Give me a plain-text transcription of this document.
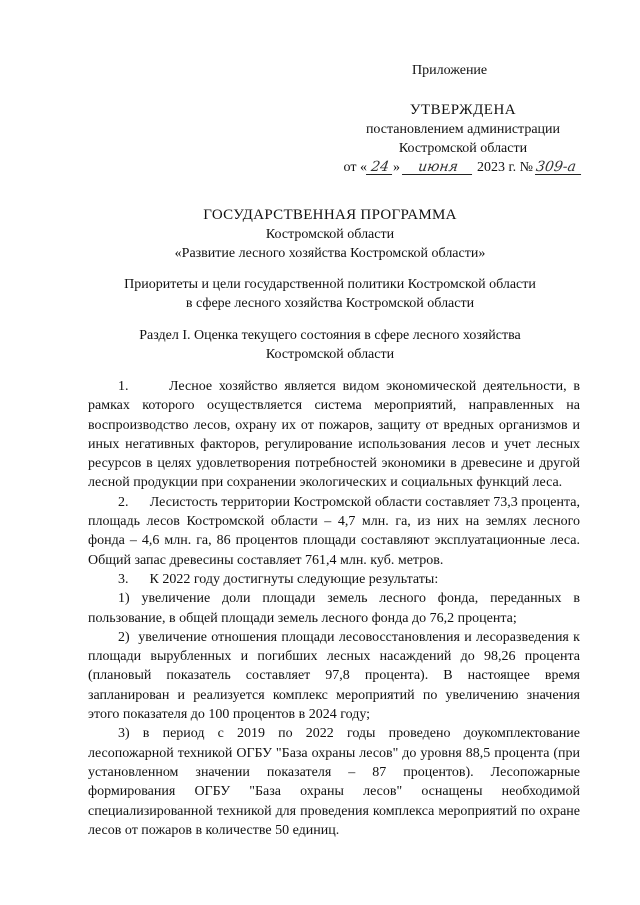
Приложение
УТВЕРЖДЕНА
постановлением администрации
Костромской области
от « 24 » июня 2023 г. № 309-а
ГОСУДАРСТВЕННАЯ ПРОГРАММА
Костромской области
«Развитие лесного хозяйства Костромской области»
Приоритеты и цели государственной политики Костромской области
в сфере лесного хозяйства Костромской области
Раздел I. Оценка текущего состояния в сфере лесного хозяйства
Костромской области

1.      Лесное хозяйство является видом экономической деятельности, в рамках которого осуществляется система мероприятий, направленных на воспроизводство лесов, охрану их от пожаров, защиту от вредных организмов и иных негативных факторов, регулирование использования лесов и учет лесных ресурсов в целях удовлетворения потребностей экономики в древесине и другой лесной продукции при сохранении экологических и социальных функций леса.

2.      Лесистость территории Костромской области составляет 73,3 процента, площадь лесов Костромской области – 4,7 млн. га, из них на землях лесного фонда – 4,6 млн. га, 86 процентов площади составляют эксплуатационные леса. Общий запас древесины составляет 761,4 млн. куб. метров.

3.      К 2022 году достигнуты следующие результаты:

1) увеличение доли площади земель лесного фонда, переданных в пользование, в общей площади земель лесного фонда до 76,2 процента;

2)  увеличение отношения площади лесовосстановления и лесоразведения к площади вырубленных и погибших лесных насаждений до 98,26 процента (плановый показатель составляет 97,8 процента). В настоящее время запланирован и реализуется комплекс мероприятий по увеличению значения этого показателя до 100 процентов в 2024 году;

3) в период с 2019 по 2022 годы проведено доукомплектование лесопожарной техникой ОГБУ "База охраны лесов" до уровня 88,5 процента (при установленном значении показателя – 87 процентов). Лесопожарные формирования ОГБУ "База охраны лесов" оснащены необходимой специализированной техникой для проведения комплекса мероприятий по охране лесов от пожаров в количестве 50 единиц.
